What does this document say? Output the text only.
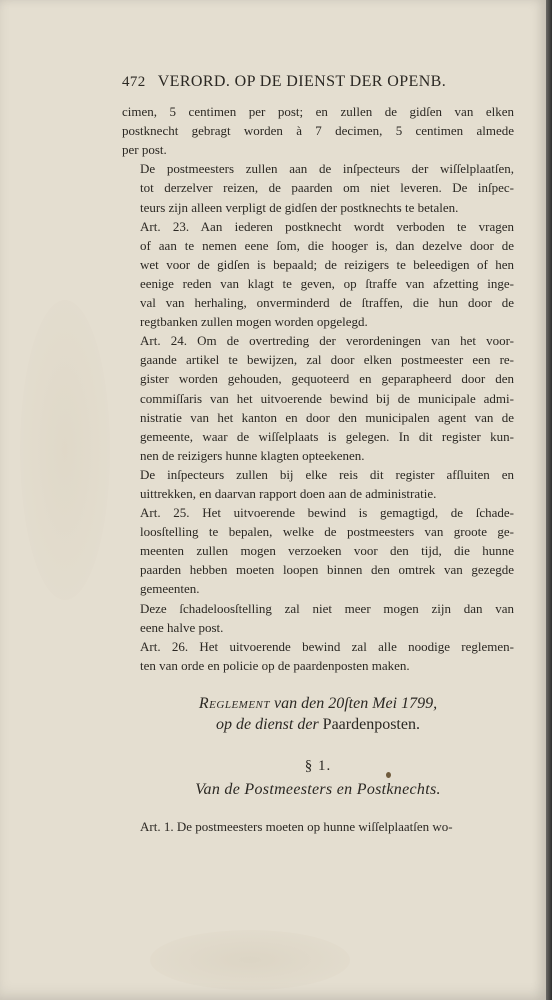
472 VERORD. OP DE DIENST DER OPENB.
cimen, 5 centimen per post; en zullen de gidſen van elken
postknecht gebragt worden à 7 decimen, 5 centimen almede
per post.
De postmeesters zullen aan de inſpecteurs der wiſſelplaatſen,
tot derzelver reizen, de paarden om niet leveren. De inſpec-
teurs zijn alleen verpligt de gidſen der postknechts te betalen.
Art. 23. Aan iederen postknecht wordt verboden te vragen
of aan te nemen eene ſom, die hooger is, dan dezelve door de
wet voor de gidſen is bepaald; de reizigers te beleedigen of hen
eenige reden van klagt te geven, op ſtraffe van afzetting inge-
val van herhaling, onverminderd de ſtraffen, die hun door de
regtbanken zullen mogen worden opgelegd.
Art. 24. Om de overtreding der verordeningen van het voor-
gaande artikel te bewijzen, zal door elken postmeester een re-
gister worden gehouden, gequoteerd en geparapheerd door den
commiſſaris van het uitvoerende bewind bij de municipale admi-
nistratie van het kanton en door den municipalen agent van de
gemeente, waar de wiſſelplaats is gelegen. In dit register kun-
nen de reizigers hunne klagten opteekenen.
De inſpecteurs zullen bij elke reis dit register afſluiten en
uittrekken, en daarvan rapport doen aan de administratie.
Art. 25. Het uitvoerende bewind is gemagtigd, de ſchade-
loosſtelling te bepalen, welke de postmeesters van groote ge-
meenten zullen mogen verzoeken voor den tijd, die hunne
paarden hebben moeten loopen binnen den omtrek van gezegde
gemeenten.
Deze ſchadeloosſtelling zal niet meer mogen zijn dan van
eene halve post.
Art. 26. Het uitvoerende bewind zal alle noodige reglemen-
ten van orde en policie op de paardenposten maken.
Reglement van den 20ſten Mei 1799,
op de dienst der Paardenposten.
§ 1.
Van de Postmeesters en Postknechts.
Art. 1. De postmeesters moeten op hunne wiſſelplaatſen wo-
